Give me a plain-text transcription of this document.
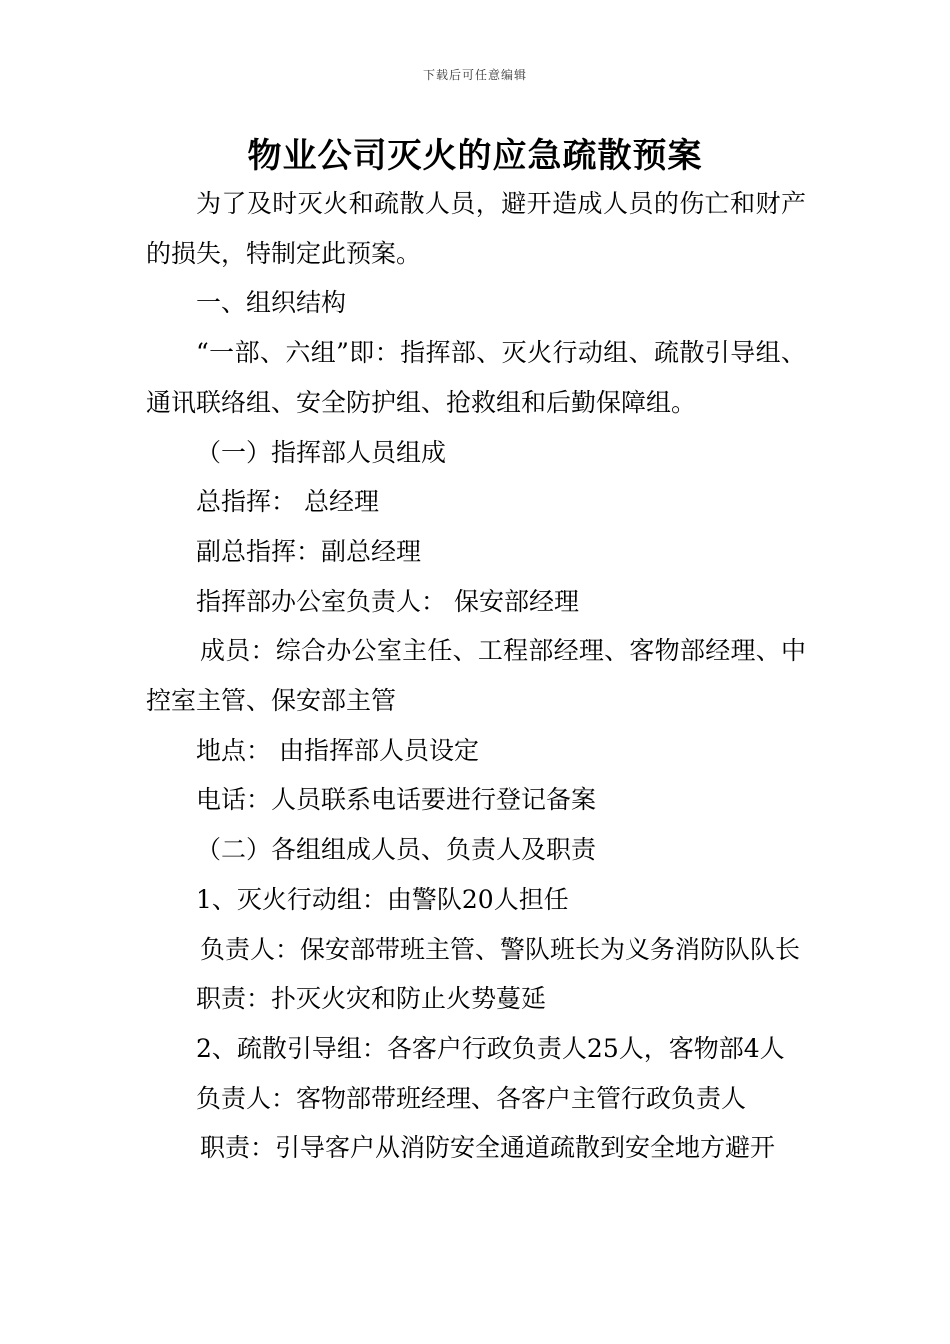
下载后可任意编辑
物业公司灭火的应急疏散预案

为了及时灭火和疏散人员，避开造成人员的伤亡和财产的损失，特制定此预案。

一、组织结构

“一部、六组”即：指挥部、灭火行动组、疏散引导组、通讯联络组、安全防护组、抢救组和后勤保障组。

（一）指挥部人员组成

总指挥： 总经理

副总指挥：副总经理

指挥部办公室负责人： 保安部经理

成员：综合办公室主任、工程部经理、客物部经理、中控室主管、保安部主管

地点： 由指挥部人员设定

电话：人员联系电话要进行登记备案

（二）各组组成人员、负责人及职责

1、灭火行动组：由警队20人担任

负责人：保安部带班主管、警队班长为义务消防队队长

职责：扑灭火灾和防止火势蔓延

2、疏散引导组：各客户行政负责人25人，客物部4人

负责人：客物部带班经理、各客户主管行政负责人

职责：引导客户从消防安全通道疏散到安全地方避开
